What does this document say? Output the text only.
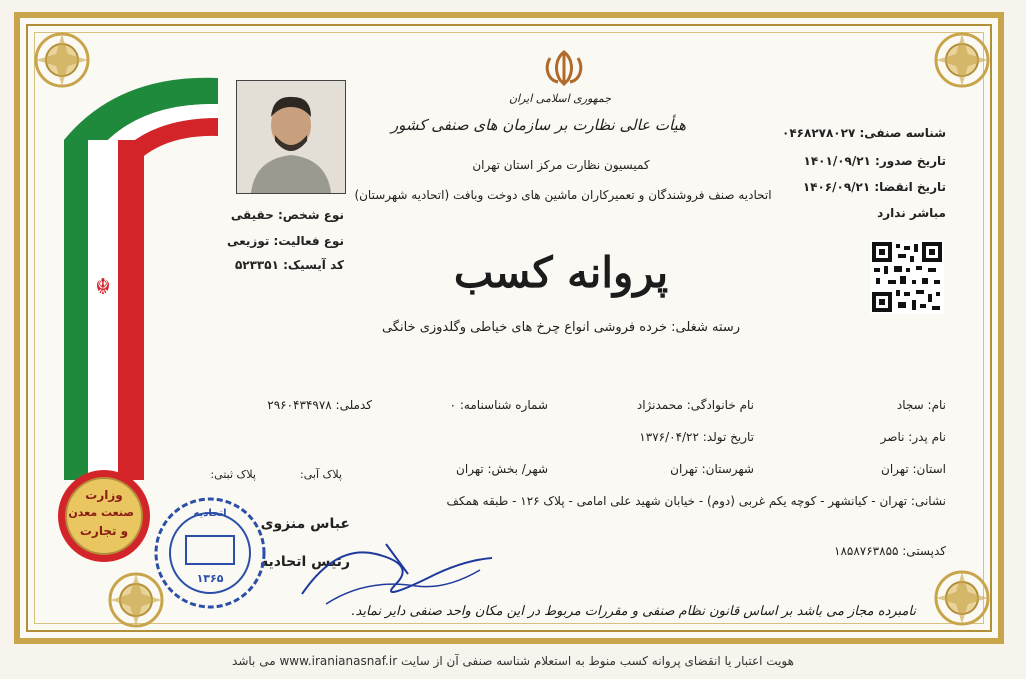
☬
وزارت
صنعت معدن
و تجارت
جمهوری اسلامی ایران
هیأت عالی نظارت بر سازمان های صنفی کشور
کمیسیون نظارت مرکز استان تهران
اتحادیه صنف فروشندگان و تعمیرکاران ماشین های دوخت وبافت (اتحادیه شهرستان)
پروانه کسب
رسته شغلی: خرده فروشی انواع چرخ های خیاطی وگلدوزی خانگی
نوع شخص: حقیقی
نوع فعالیت: توزیعی
کد آیسیک: ۵۲۳۳۵۱
شناسه صنفی: ۰۴۶۸۲۷۸۰۲۷
تاریخ صدور: ۱۴۰۱/۰۹/۲۱
تاریخ انقضا: ۱۴۰۶/۰۹/۲۱
مباشر ندارد
نام: سجاد
نام خانوادگی: محمدنژاد
شماره شناسنامه: ۰
کدملی: ۲۹۶۰۴۳۴۹۷۸
نام پدر: ناصر
تاریخ تولد: ۱۳۷۶/۰۴/۲۲
استان: تهران
شهرستان: تهران
شهر/ بخش: تهران
پلاک آبی:
پلاک ثبتی:
نشانی: تهران - کیانشهر - کوچه یکم غربی (دوم) - خیابان شهید علی امامی - پلاک ۱۲۶ - طبقه همکف
کدپستی: ۱۸۵۸۷۶۳۸۵۵
عباس منزوی
رئیس اتحادیه
اتحادیه
۱۳۶۵
نامبرده مجاز می باشد بر اساس قانون نظام صنفی و مقررات مربوط در این مکان واحد صنفی دایر نماید.
هویت اعتبار یا انقضای پروانه کسب منوط به استعلام شناسه صنفی آن از سایت www.iranianasnaf.ir می باشد
